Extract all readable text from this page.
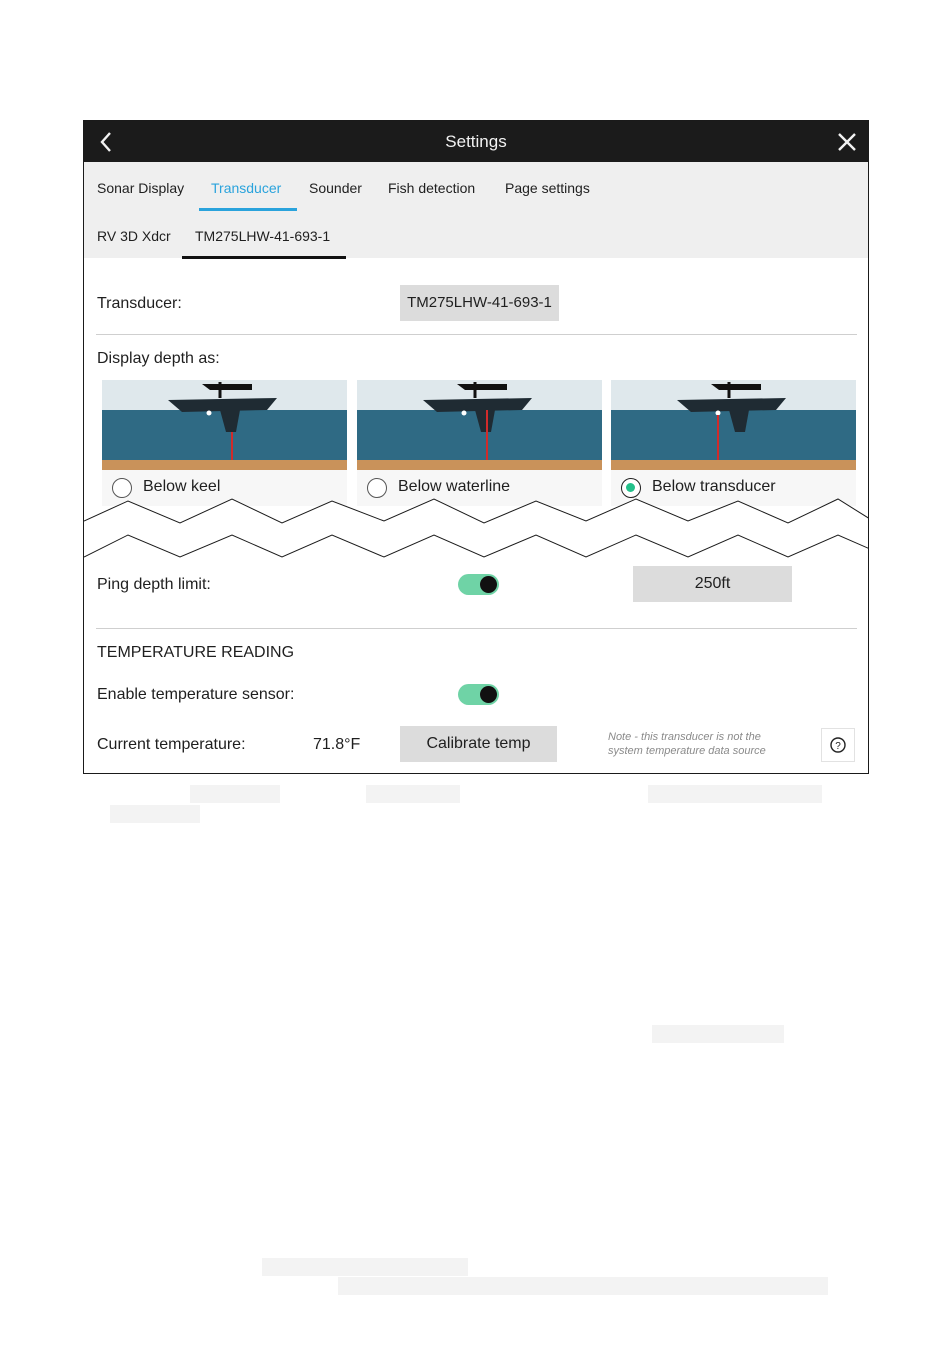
Settings
Sonar Display Transducer Sounder Fish detection Page settings
RV 3D Xdcr TM275LHW-41-693-1
Transducer:	TM275LHW-41-693-1
Display depth as:
Below keel	Below waterline	Below transducer
Ping depth limit:	250ft
TEMPERATURE READING
Enable temperature sensor:
Current temperature:	71.8°F	Calibrate temp	Note - this transducer is not the
system temperature data source	?
